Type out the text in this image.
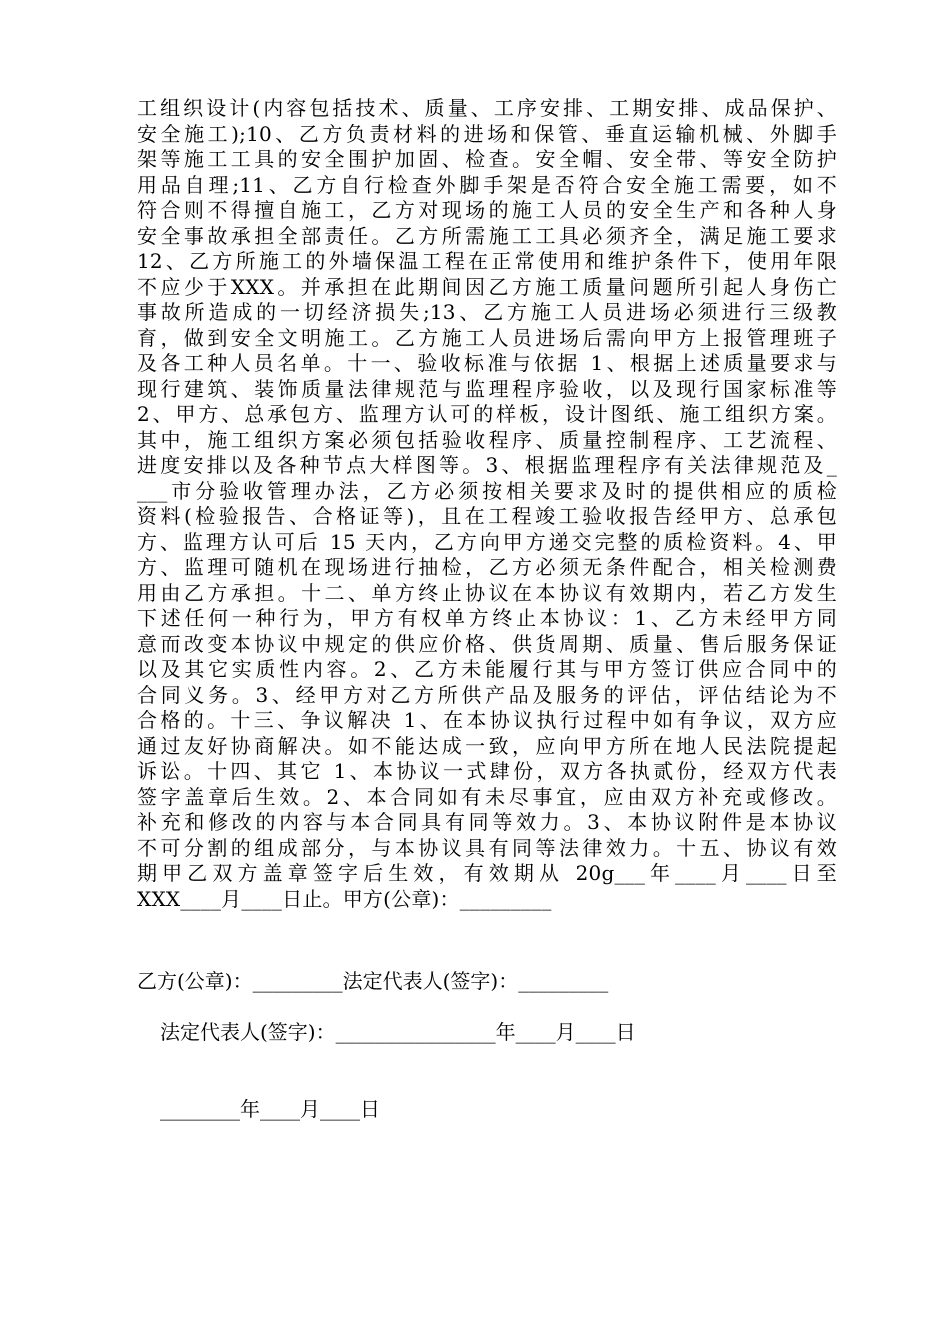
工组织设计(内容包括技术、质量、工序安排、工期安排、成品保护、
安全施工);10、乙方负责材料的进场和保管、垂直运输机械、外脚手
架等施工工具的安全围护加固、检查。安全帽、安全带、等安全防护
用品自理;11、乙方自行检查外脚手架是否符合安全施工需要，如不
符合则不得擅自施工，乙方对现场的施工人员的安全生产和各种人身
安全事故承担全部责任。乙方所需施工工具必须齐全，满足施工要求
12、乙方所施工的外墙保温工程在正常使用和维护条件下，使用年限
不应少于XXX。并承担在此期间因乙方施工质量问题所引起人身伤亡
事故所造成的一切经济损失;13、乙方施工人员进场必须进行三级教
育，做到安全文明施工。乙方施工人员进场后需向甲方上报管理班子
及各工种人员名单。十一、验收标准与依据 1、根据上述质量要求与
现行建筑、装饰质量法律规范与监理程序验收，以及现行国家标准等
2、甲方、总承包方、监理方认可的样板，设计图纸、施工组织方案。
其中，施工组织方案必须包括验收程序、质量控制程序、工艺流程、
进度安排以及各种节点大样图等。3、根据监理程序有关法律规范及_
___市分验收管理办法，乙方必须按相关要求及时的提供相应的质检
资料(检验报告、合格证等)，且在工程竣工验收报告经甲方、总承包
方、监理方认可后 15 天内，乙方向甲方递交完整的质检资料。4、甲
方、监理可随机在现场进行抽检，乙方必须无条件配合，相关检测费
用由乙方承担。十二、单方终止协议在本协议有效期内，若乙方发生
下述任何一种行为，甲方有权单方终止本协议：1、乙方未经甲方同
意而改变本协议中规定的供应价格、供货周期、质量、售后服务保证
以及其它实质性内容。2、乙方未能履行其与甲方签订供应合同中的
合同义务。3、经甲方对乙方所供产品及服务的评估，评估结论为不
合格的。十三、争议解决 1、在本协议执行过程中如有争议，双方应
通过友好协商解决。如不能达成一致，应向甲方所在地人民法院提起
诉讼。十四、其它 1、本协议一式肆份，双方各执贰份，经双方代表
签字盖章后生效。2、本合同如有未尽事宜，应由双方补充或修改。
补充和修改的内容与本合同具有同等效力。3、本协议附件是本协议
不可分割的组成部分，与本协议具有同等法律效力。十五、协议有效
期甲乙双方盖章签字后生效，有效期从 20g___年____月____日至
XXX____月____日止。甲方(公章)：_________
乙方(公章)：_________法定代表人(签字)：_________
法定代表人(签字)：________________年____月____日
________年____月____日
